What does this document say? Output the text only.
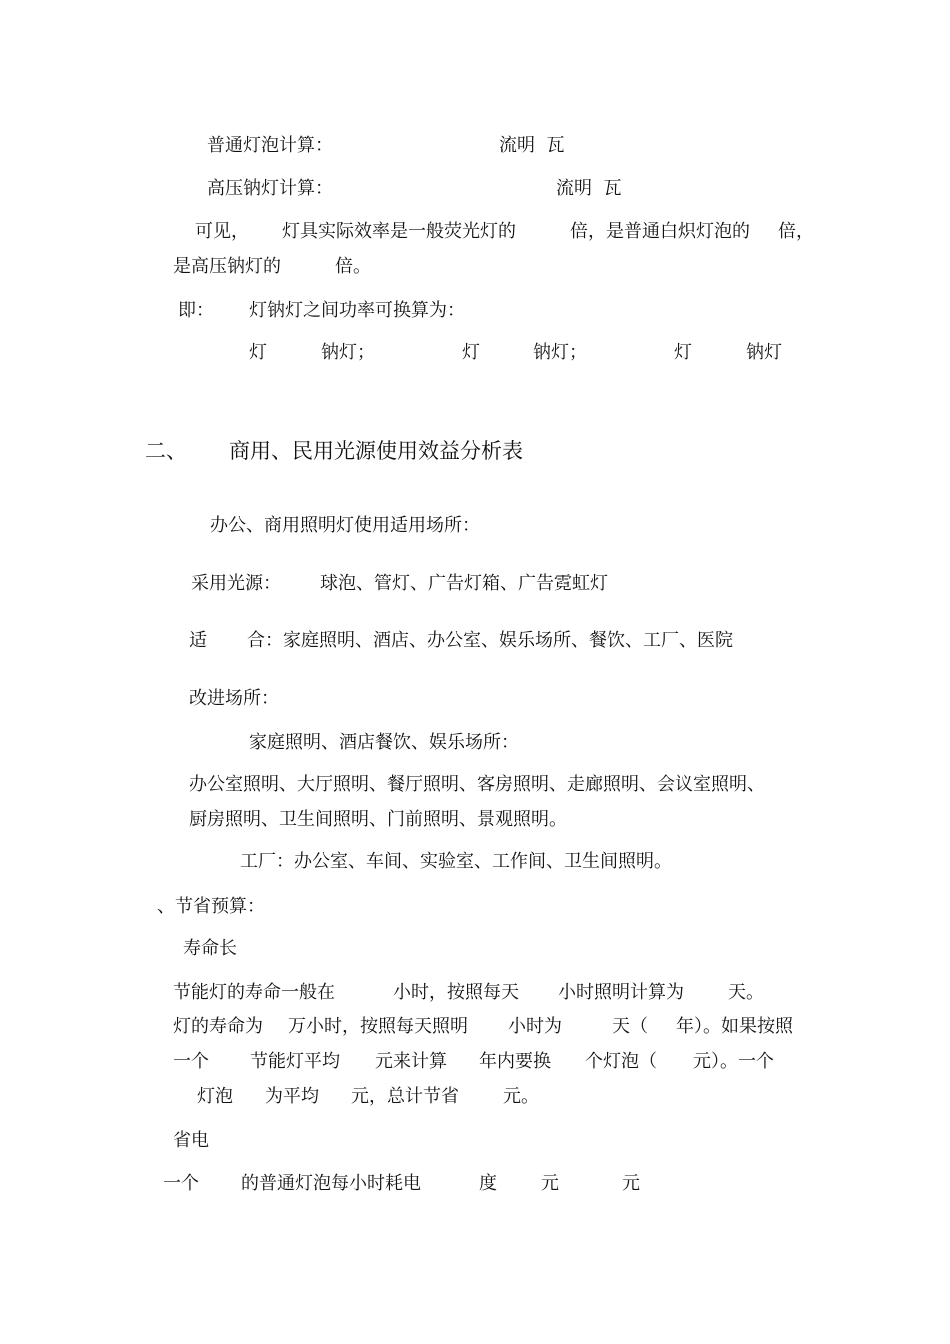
普通灯泡计算：	流明  瓦
高压钠灯计算：	流明  瓦
可见， 灯具实际效率是一般荧光灯的	倍，是普通白炽灯泡的 倍，
是高压钠灯的	倍。
即： 灯钠灯之间功率可换算为：
灯	钠灯；	灯	钠灯；	灯	钠灯
二、 商用、民用光源使用效益分析表
办公、商用照明灯使用适用场所：
采用光源： 球泡、管灯、广告灯箱、广告霓虹灯
适 合：家庭照明、酒店、办公室、娱乐场所、餐饮、工厂、医院
改进场所：
家庭照明、酒店餐饮、娱乐场所：
办公室照明、大厅照明、餐厅照明、客房照明、走廊照明、会议室照明、
厨房照明、卫生间照明、门前照明、景观照明。
工厂：办公室、车间、实验室、工作间、卫生间照明。
、节省预算：
寿命长
节能灯的寿命一般在	小时，按照每天 小时照明计算为 天。
灯的寿命为 万小时，按照每天照明 小时为	天（ 年）。如果按照
一个 节能灯平均 元来计算 年内要换 个灯泡（ 元）。一个
灯泡 为平均 元，总计节省 元。
省电
一个 的普通灯泡每小时耗电	度 元	元
